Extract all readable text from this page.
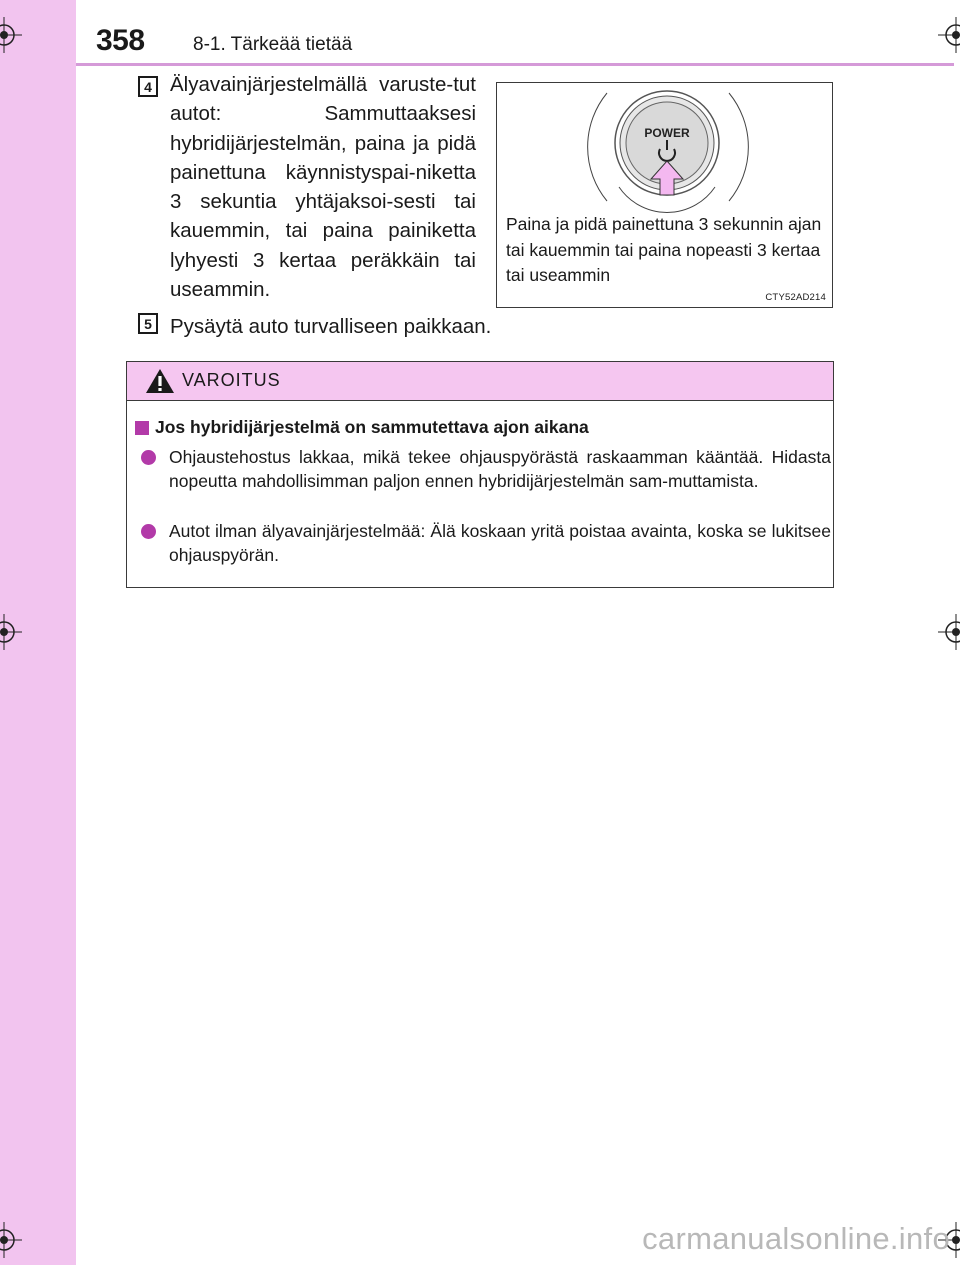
358	8-1. Tärkeää tietää
4 Älyavainjärjestelmällä varuste-tut autot: Sammuttaaksesi hybridijärjestelmän, paina ja pidä painettuna käynnistyspai-niketta 3 sekuntia yhtäjaksoi-sesti tai kauemmin, tai paina painiketta lyhyesti 3 kertaa peräkkäin tai useammin.
POWER
Paina ja pidä painettuna 3 sekunnin ajan tai kauemmin tai paina nopeasti 3 kertaa tai useammin
CTY52AD214
5 Pysäytä auto turvalliseen paikkaan.
VAROITUS
Jos hybridijärjestelmä on sammutettava ajon aikana
Ohjaustehostus lakkaa, mikä tekee ohjauspyörästä raskaamman kääntää. Hidasta nopeutta mahdollisimman paljon ennen hybridijärjestelmän sam-muttamista.
Autot ilman älyavainjärjestelmää: Älä koskaan yritä poistaa avainta, koska se lukitsee ohjauspyörän.
carmanualsonline.info
